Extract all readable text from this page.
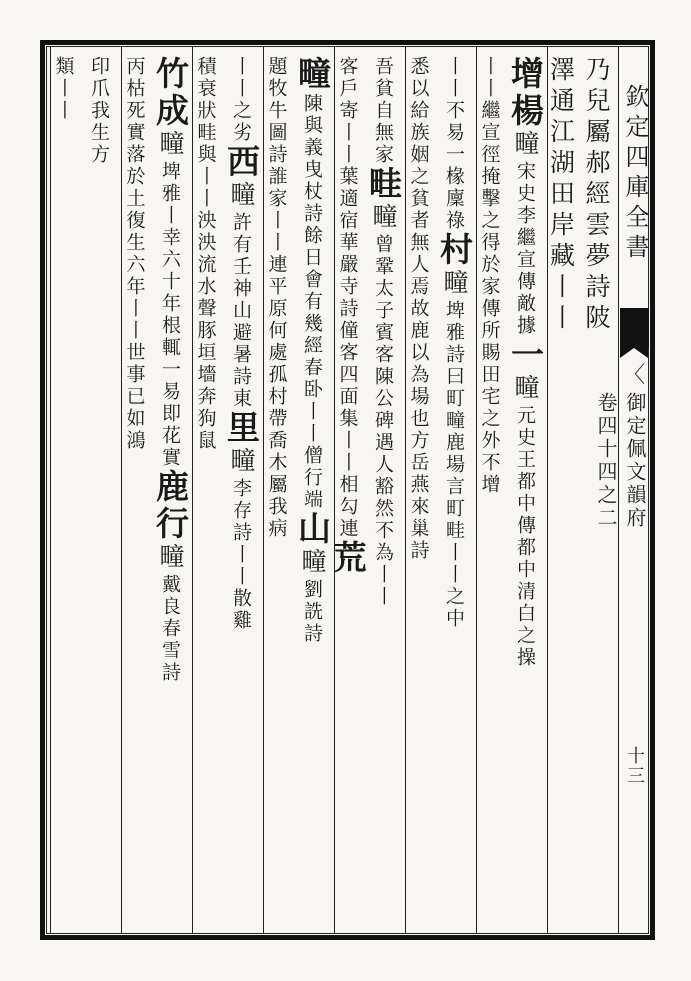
欽定四庫全書
〈
御定佩文韻府
卷四十四之二
十三
乃兒屬郝經雲夢詩陂
澤通江湖田岸藏丨丨
增楊疃宋史李繼宣傳敵據一疃元史王都中傳都中清白之操
丨丨繼宣徑掩擊之得於家傳所賜田宅之外不增
丨丨不易一椽廩祿村疃埤雅詩曰町疃鹿場言町畦丨丨之中
悉以給族姻之貧者無人焉故鹿以為場也方岳燕來巢詩
吾貧自無家畦疃曾鞏太子賓客陳公碑遇人豁然不為丨丨
客戶寄丨丨葉適宿華嚴寺詩僮客四面集丨丨相勾連荒
疃陳與義曳杖詩餘日會有幾經春卧丨丨僧行端山疃劉詵詩
題牧牛圖詩誰家丨丨連平原何處孤村帶喬木屬我病
丨丨之劣西疃許有壬神山避暑詩東里疃李存詩丨丨散雞
積衰狀畦與丨丨泱泱流水聲豚垣墻奔狗鼠
竹成疃埤雅丨幸六十年根輒一易即花實鹿行疃戴良春雪詩
丙枯死實落於土復生六年丨丨世事已如鴻
印爪我生方
類丨丨
